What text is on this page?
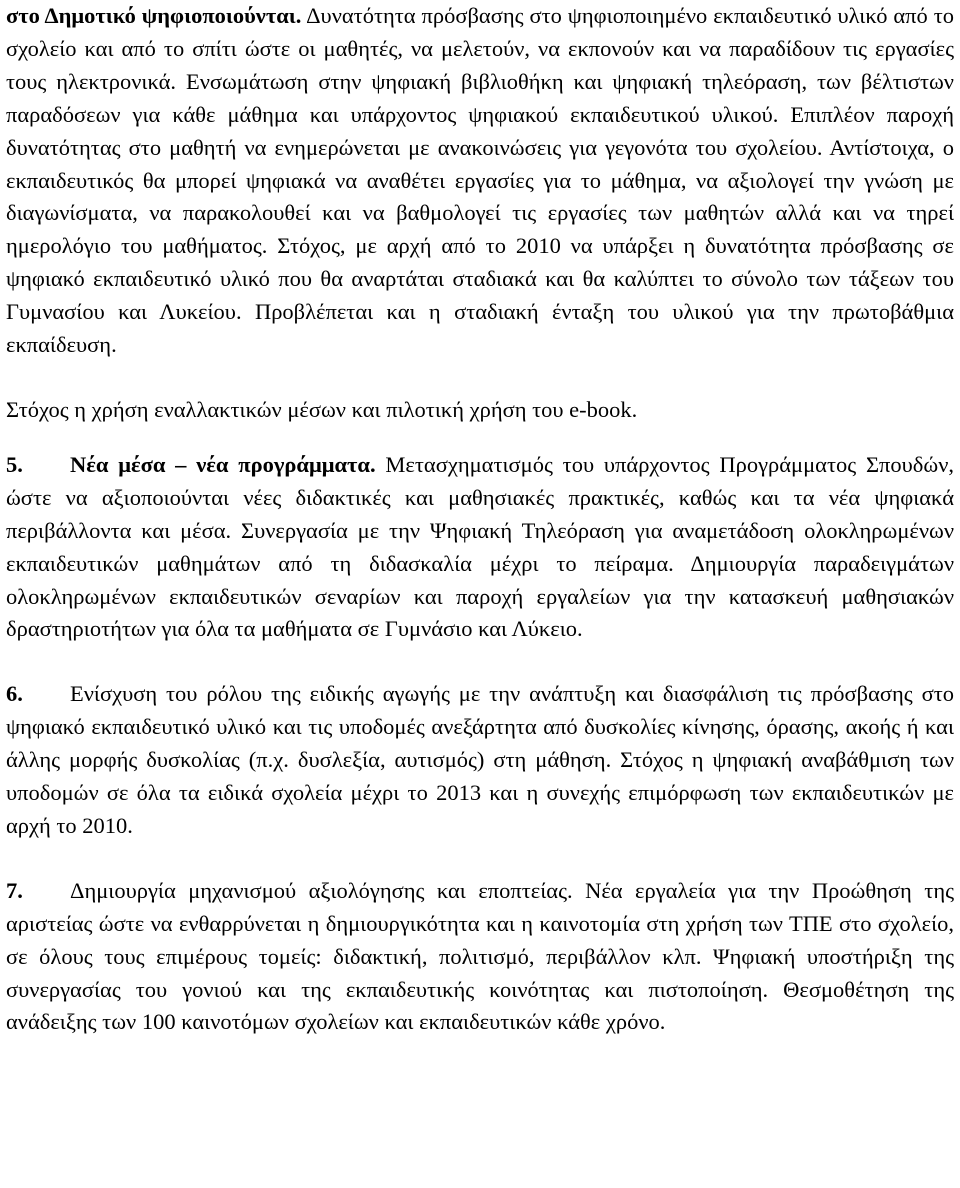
στο Δημοτικό ψηφιοποιούνται. Δυνατότητα πρόσβασης στο ψηφιοποιημένο εκπαιδευτικό υλικό από το σχολείο και από το σπίτι ώστε οι μαθητές, να μελετούν, να εκπονούν και να παραδίδουν τις εργασίες τους ηλεκτρονικά. Ενσωμάτωση στην ψηφιακή βιβλιοθήκη και ψηφιακή τηλεόραση, των βέλτιστων παραδόσεων για κάθε μάθημα και υπάρχοντος ψηφιακού εκπαιδευτικού υλικού. Επιπλέον παροχή δυνατότητας στο μαθητή να ενημερώνεται με ανακοινώσεις για γεγονότα του σχολείου. Αντίστοιχα, ο εκπαιδευτικός θα μπορεί ψηφιακά να αναθέτει εργασίες για το μάθημα, να αξιολογεί την γνώση με διαγωνίσματα, να παρακολουθεί και να βαθμολογεί τις εργασίες των μαθητών αλλά και να τηρεί ημερολόγιο του μαθήματος. Στόχος, με αρχή από το 2010 να υπάρξει η δυνατότητα πρόσβασης σε ψηφιακό εκπαιδευτικό υλικό που θα αναρτάται σταδιακά και θα καλύπτει το σύνολο των τάξεων του Γυμνασίου και Λυκείου. Προβλέπεται και η σταδιακή ένταξη του υλικού για την πρωτοβάθμια εκπαίδευση.

Στόχος η χρήση εναλλακτικών μέσων και πιλοτική χρήση του e-book.

5. Νέα μέσα – νέα προγράμματα. Μετασχηματισμός του υπάρχοντος Προγράμματος Σπουδών, ώστε να αξιοποιούνται νέες διδακτικές και μαθησιακές πρακτικές, καθώς και τα νέα ψηφιακά περιβάλλοντα και μέσα. Συνεργασία με την Ψηφιακή Τηλεόραση για αναμετάδοση ολοκληρωμένων εκπαιδευτικών μαθημάτων από τη διδασκαλία μέχρι το πείραμα. Δημιουργία παραδειγμάτων ολοκληρωμένων εκπαιδευτικών σεναρίων και παροχή εργαλείων για την κατασκευή μαθησιακών δραστηριοτήτων για όλα τα μαθήματα σε Γυμνάσιο και Λύκειο.

6. Ενίσχυση του ρόλου της ειδικής αγωγής με την ανάπτυξη και διασφάλιση τις πρόσβασης στο ψηφιακό εκπαιδευτικό υλικό και τις υποδομές ανεξάρτητα από δυσκολίες κίνησης, όρασης, ακοής ή και άλλης μορφής δυσκολίας (π.χ. δυσλεξία, αυτισμός) στη μάθηση. Στόχος η ψηφιακή αναβάθμιση των υποδομών σε όλα τα ειδικά σχολεία μέχρι το 2013 και η συνεχής επιμόρφωση των εκπαιδευτικών με αρχή το 2010.

7. Δημιουργία μηχανισμού αξιολόγησης και εποπτείας. Νέα εργαλεία για την Προώθηση της αριστείας ώστε να ενθαρρύνεται η δημιουργικότητα και η καινοτομία στη χρήση των ΤΠΕ στο σχολείο, σε όλους τους επιμέρους τομείς: διδακτική, πολιτισμό, περιβάλλον κλπ. Ψηφιακή υποστήριξη της συνεργασίας του γονιού και της εκπαιδευτικής κοινότητας και πιστοποίηση. Θεσμοθέτηση της ανάδειξης των 100 καινοτόμων σχολείων και εκπαιδευτικών κάθε χρόνο.
